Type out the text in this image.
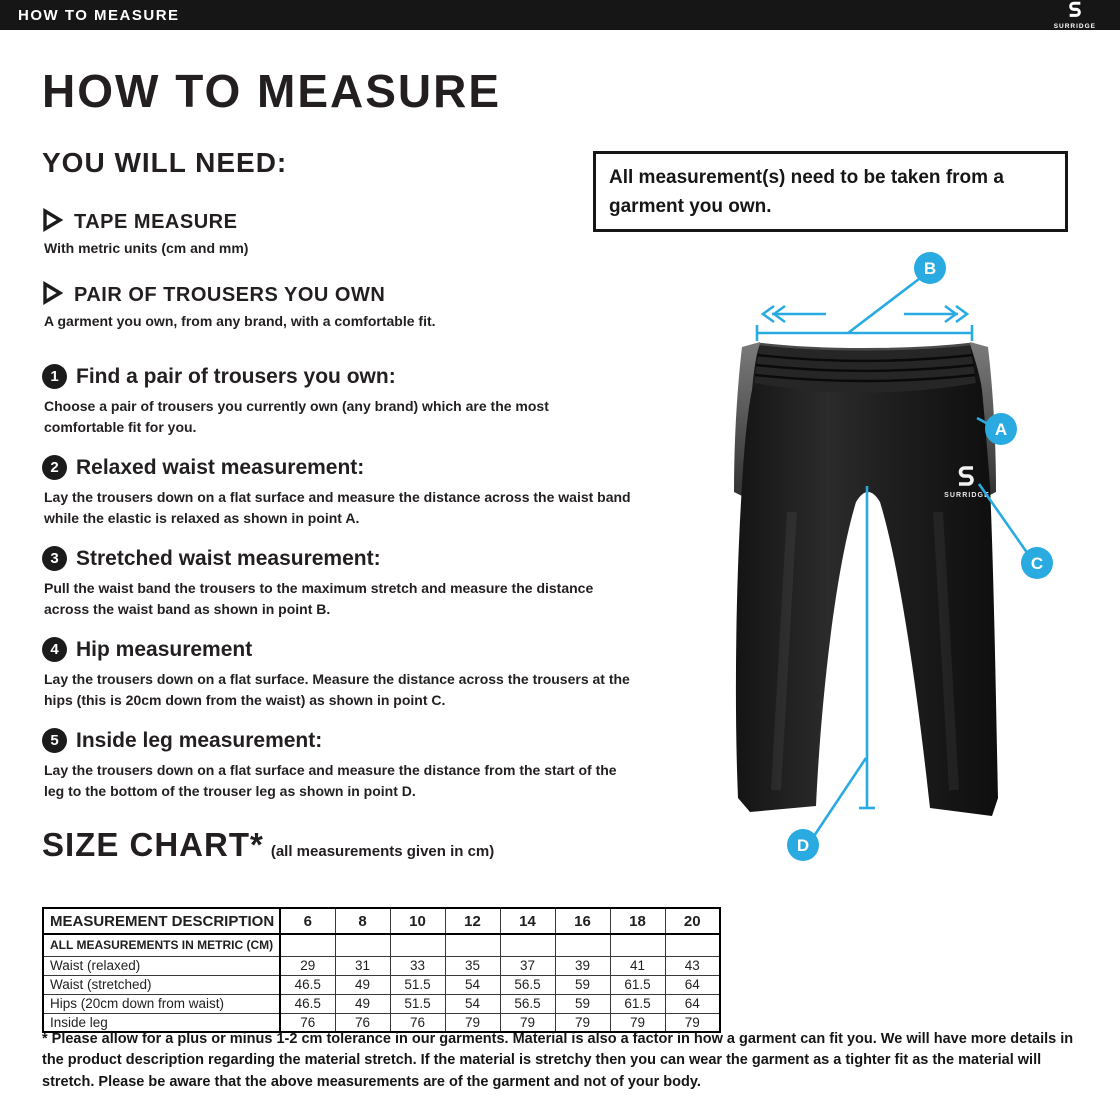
HOW TO MEASURE
SURRIDGE
HOW TO MEASURE
YOU WILL NEED:
TAPE MEASURE
With metric units (cm and mm)
PAIR OF TROUSERS YOU OWN
A garment you own, from any brand, with a comfortable fit.
All measurement(s) need to be taken from a garment you own.
1 Find a pair of trousers you own:
Choose a pair of trousers you currently own (any brand) which are the most comfortable fit for you.
2 Relaxed waist measurement:
Lay the trousers down on a flat surface and measure the distance across the waist band while the elastic is relaxed as shown in point A.
3 Stretched waist measurement:
Pull the waist band the trousers to the maximum stretch and measure the distance across the waist band as shown in point B.
4 Hip measurement
Lay the trousers down on a flat surface. Measure the distance across the trousers at the hips (this is 20cm down from the waist) as shown in point C.
5 Inside leg measurement:
Lay the trousers down on a flat surface and measure the distance from the start of the leg to the bottom of the trouser leg as shown in point D.
SURRIDGE
B
A
C
D
SIZE CHART* (all measurements given in cm)
MEASUREMENT DESCRIPTION	6	8	10	12	14	16	18	20
ALL MEASUREMENTS IN METRIC (CM)								
Waist (relaxed)	29	31	33	35	37	39	41	43
Waist (stretched)	46.5	49	51.5	54	56.5	59	61.5	64
Hips (20cm down from waist)	46.5	49	51.5	54	56.5	59	61.5	64
Inside leg	76	76	76	79	79	79	79	79
* Please allow for a plus or minus 1-2 cm tolerance in our garments. Material is also a factor in how a garment can fit you. We will have more details in the product description regarding the material stretch. If the material is stretchy then you can wear the garment as a tighter fit as the material will stretch. Please be aware that the above measurements are of the garment and not of your body.
